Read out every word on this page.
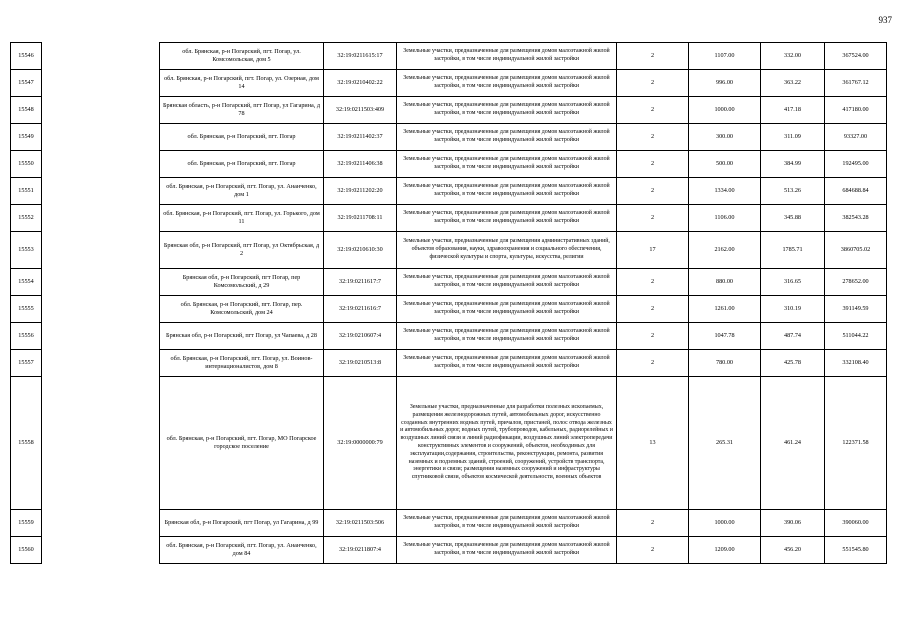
937
15546		обл. Брянская, р-н Погарский, пгт. Погар, ул. Комсомольская, дом 5	32:19:0211615:17	Земельные участки, предназначенные для размещения домов малоэтажной жилой застройки, в том числе индивидуальной жилой застройки	2	1107.00	332.00	367524.00
15547		обл. Брянская, р-н Погарский, пгт. Погар, ул. Озерная, дом 14	32:19:0210402:22	Земельные участки, предназначенные для размещения домов малоэтажной жилой застройки, в том числе индивидуальной жилой застройки	2	996.00	363.22	361767.12
15548		Брянская область, р-н Погарский, пгт Погар, ул Гагарина, д 78	32:19:0211503:409	Земельные участки, предназначенные для размещения домов малоэтажной жилой застройки, в том числе индивидуальной жилой застройки	2	1000.00	417.18	417180.00
15549		обл. Брянская, р-н Погарский, пгт. Погар	32:19:0211402:37	Земельные участки, предназначенные для размещения домов малоэтажной жилой застройки, в том числе индивидуальной жилой застройки	2	300.00	311.09	93327.00
15550		обл. Брянская, р-н Погарский, пгт. Погар	32:19:0211406:38	Земельные участки, предназначенные для размещения домов малоэтажной жилой застройки, в том числе индивидуальной жилой застройки	2	500.00	384.99	192495.00
15551		обл. Брянская, р-н Погарский, пгт. Погар, ул. Ананченко, дом 1	32:19:0211202:20	Земельные участки, предназначенные для размещения домов малоэтажной жилой застройки, в том числе индивидуальной жилой застройки	2	1334.00	513.26	684688.84
15552		обл. Брянская, р-н Погарский, пгт. Погар, ул. Горького, дом 11	32:19:0211708:11	Земельные участки, предназначенные для размещения домов малоэтажной жилой застройки, в том числе индивидуальной жилой застройки	2	1106.00	345.88	382543.28
15553		Брянская обл, р-н Погарский, пгт Погар, ул Октябрьская, д 2	32:19:0210610:30	Земельные участки, предназначенные для размещения административных зданий, объектов образования, науки, здравоохранения и социального обеспечения, физической культуры и спорта, культуры, искусства, религии	17	2162.00	1785.71	3860705.02
15554		Брянская обл, р-н Погарский, пгт Погар, пер Комсомольский, д 29	32:19:0211617:7	Земельные участки, предназначенные для размещения домов малоэтажной жилой застройки, в том числе индивидуальной жилой застройки	2	880.00	316.65	278652.00
15555		обл. Брянская, р-н Погарский, пгт. Погар, пер. Комсомольский, дом 24	32:19:0211616:7	Земельные участки, предназначенные для размещения домов малоэтажной жилой застройки, в том числе индивидуальной жилой застройки	2	1261.00	310.19	391149.59
15556		Брянская обл, р-н Погарский, пгт Погар, ул Чапаева, д 28	32:19:0210607:4	Земельные участки, предназначенные для размещения домов малоэтажной жилой застройки, в том числе индивидуальной жилой застройки	2	1047.78	487.74	511044.22
15557		обл. Брянская, р-н Погарский, пгт. Погар, ул. Воинов-интернационалистов, дом 8	32:19:0210513:8	Земельные участки, предназначенные для размещения домов малоэтажной жилой застройки, в том числе индивидуальной жилой застройки	2	780.00	425.78	332108.40
15558		обл. Брянская, р-н Погарский, пгт. Погар, МО Погарское городское поселение	32:19:0000000:79	Земельные участки, предназначенные для разработки полезных ископаемых, размещения железнодорожных путей, автомобильных дорог, искусственно созданных внутренних водных путей, причалов, пристаней, полос отвода железных и автомобильных дорог, водных путей, трубопроводов, кабельных, радиорелейных и воздушных линий связи и линий радиофикации, воздушных линий электропередачи конструктивных элементов и сооружений, объектов, необходимых для эксплуатации,содержания, строительства, реконструкции, ремонта, развития наземных и подземных зданий, строений, сооружений, устройств транспорта, энергетики и связи; размещения наземных сооружений и инфраструктуры спутниковой связи, объектов космической деятельности, военных объектов	13	265.31	461.24	122371.58
15559		Брянская обл, р-н Погарский, пгт Погар, ул Гагарина, д 99	32:19:0211503:506	Земельные участки, предназначенные для размещения домов малоэтажной жилой застройки, в том числе индивидуальной жилой застройки	2	1000.00	390.06	390060.00
15560		обл. Брянская, р-н Погарский, пгт. Погар, ул. Ананченко, дом 84	32:19:0211807:4	Земельные участки, предназначенные для размещения домов малоэтажной жилой застройки, в том числе индивидуальной жилой застройки	2	1209.00	456.20	551545.80
